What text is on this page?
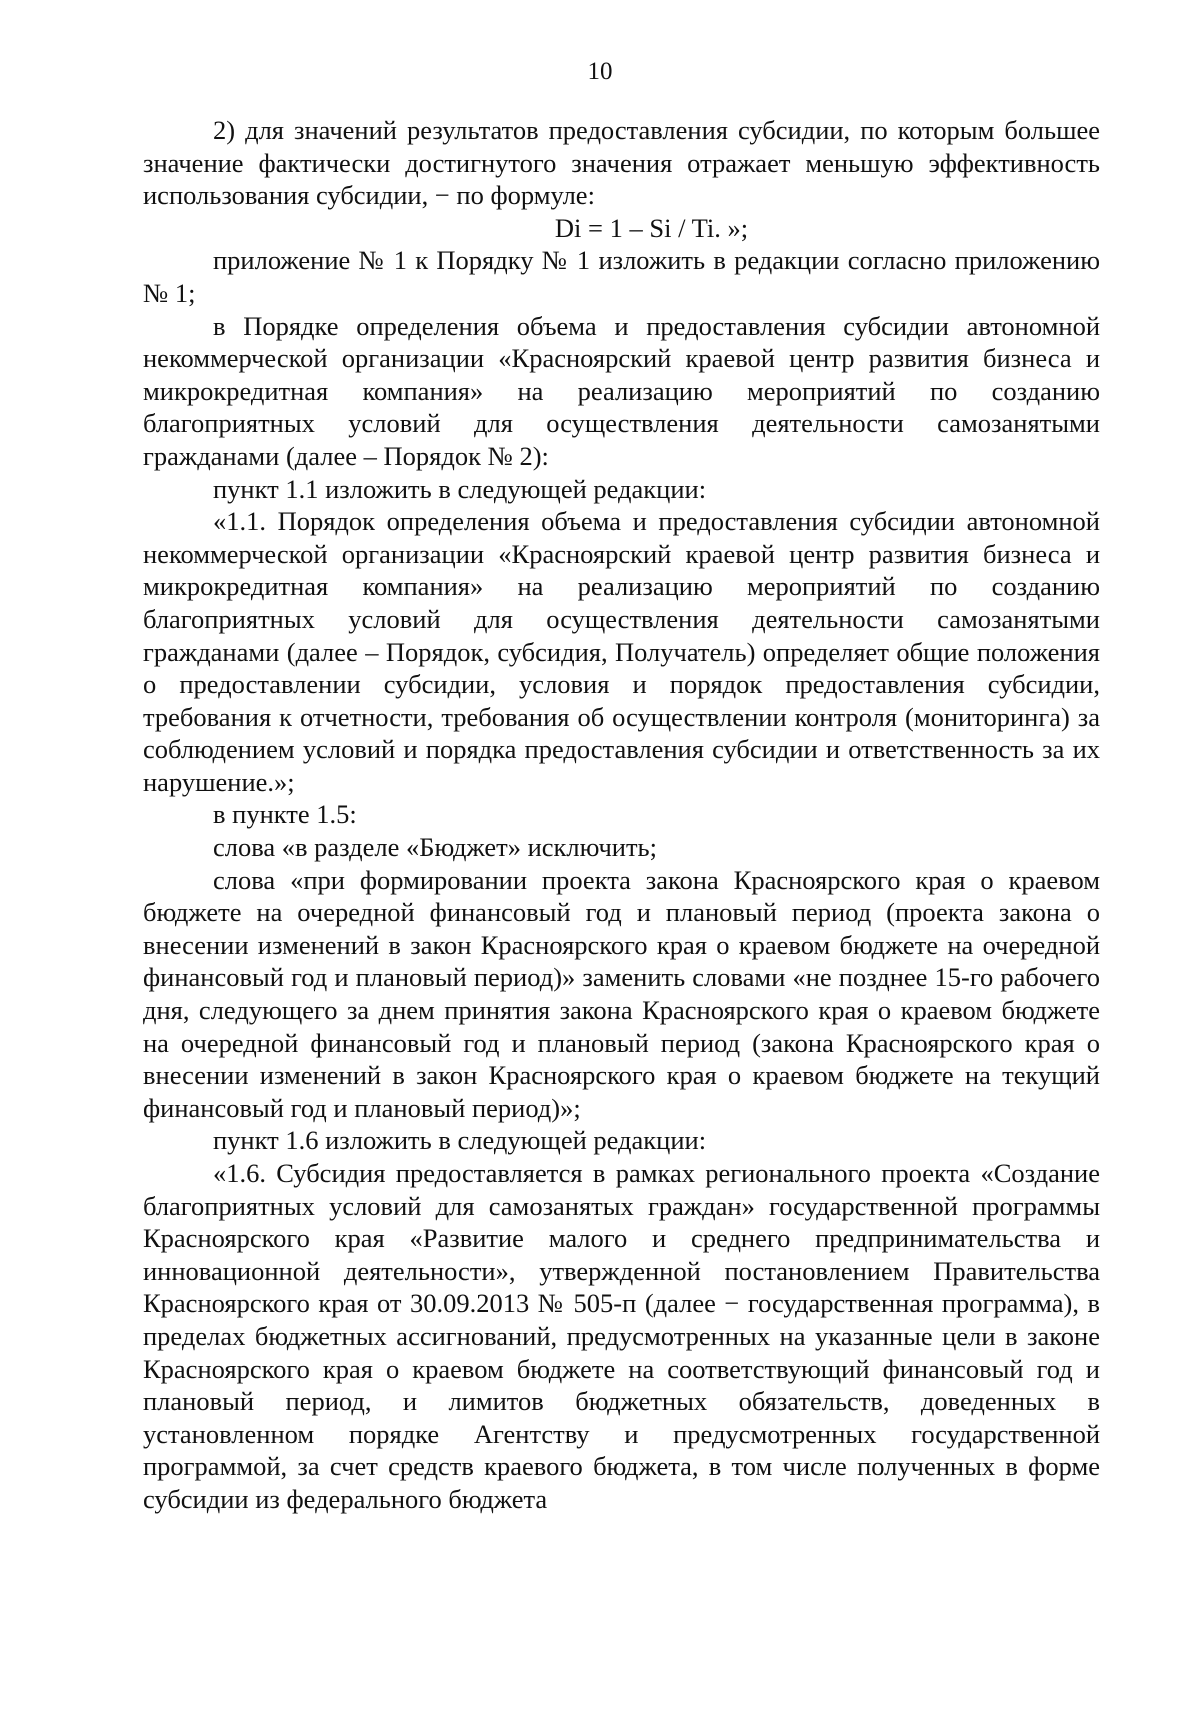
10

2) для значений результатов предоставления субсидии, по которым большее значение фактически достигнутого значения отражает меньшую эффективность использования субсидии, − по формуле:

Di = 1 – Si / Ti. »;

приложение № 1 к Порядку № 1 изложить в редакции согласно приложению № 1;

в Порядке определения объема и предоставления субсидии автономной некоммерческой организации «Красноярский краевой центр развития бизнеса и микрокредитная компания» на реализацию мероприятий по созданию благоприятных условий для осуществления деятельности самозанятыми гражданами (далее – Порядок № 2):

пункт 1.1 изложить в следующей редакции:

«1.1. Порядок определения объема и предоставления субсидии автономной некоммерческой организации «Красноярский краевой центр развития бизнеса и микрокредитная компания» на реализацию мероприятий по созданию благоприятных условий для осуществления деятельности самозанятыми гражданами (далее – Порядок, субсидия, Получатель) определяет общие положения о предоставлении субсидии, условия и порядок предоставления субсидии, требования к отчетности, требования об осуществлении контроля (мониторинга) за соблюдением условий и порядка предоставления субсидии и ответственность за их нарушение.»;

в пункте 1.5:

слова «в разделе «Бюджет» исключить;

слова «при формировании проекта закона Красноярского края о краевом бюджете на очередной финансовый год и плановый период (проекта закона о внесении изменений в закон Красноярского края о краевом бюджете на очередной финансовый год и плановый период)» заменить словами «не позднее 15-го рабочего дня, следующего за днем принятия закона Красноярского края о краевом бюджете на очередной финансовый год и плановый период (закона Красноярского края о внесении изменений в закон Красноярского края о краевом бюджете на текущий финансовый год и плановый период)»;

пункт 1.6 изложить в следующей редакции:

«1.6. Субсидия предоставляется в рамках регионального проекта «Создание благоприятных условий для самозанятых граждан» государственной программы Красноярского края «Развитие малого и среднего предпринимательства и инновационной деятельности», утвержденной постановлением Правительства Красноярского края от 30.09.2013 № 505-п (далее − государственная программа), в пределах бюджетных ассигнований, предусмотренных на указанные цели в законе Красноярского края о краевом бюджете на соответствующий финансовый год и плановый период, и лимитов бюджетных обязательств, доведенных в установленном порядке Агентству и предусмотренных государственной программой, за счет средств краевого бюджета, в том числе полученных в форме субсидии из федерального бюджета
